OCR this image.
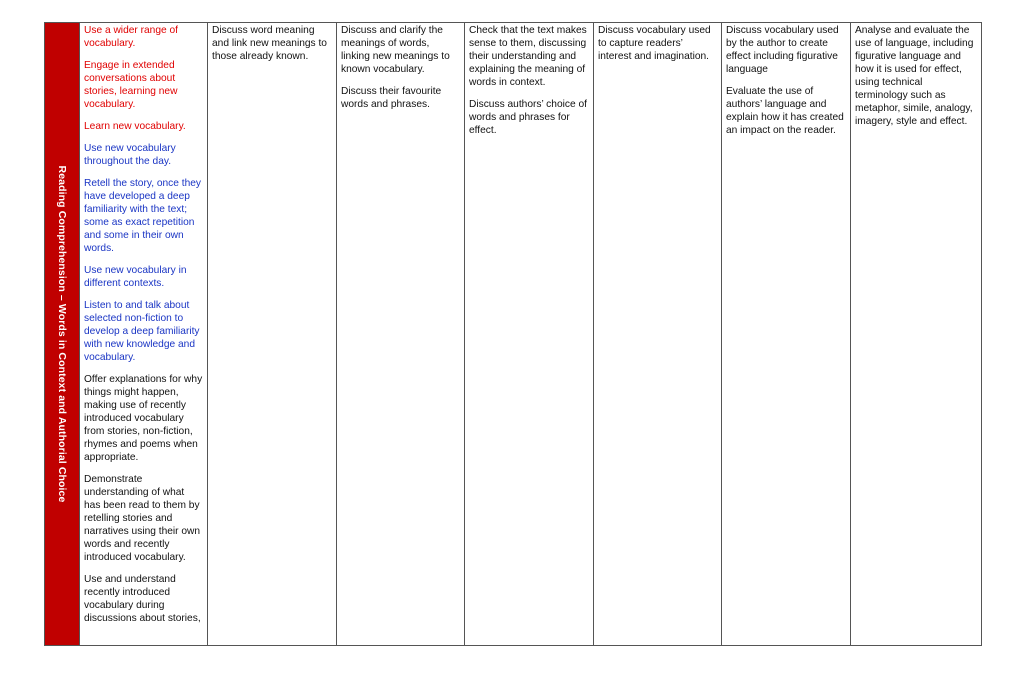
Reading Comprehension – Words in Context and Authorial Choice

Use a wider range of vocabulary.

Engage in extended conversations about stories, learning new vocabulary.

Learn new vocabulary.

Use new vocabulary throughout the day.

Retell the story, once they have developed a deep familiarity with the text; some as exact repetition and some in their own words.

Use new vocabulary in different contexts.

Listen to and talk about selected non-fiction to develop a deep familiarity with new knowledge and vocabulary.

Offer explanations for why things might happen, making use of recently introduced vocabulary from stories, non-fiction, rhymes and poems when appropriate.

Demonstrate understanding of what has been read to them by retelling stories and narratives using their own words and recently introduced vocabulary.

Use and understand recently introduced vocabulary during discussions about stories,

Discuss word meaning and link new meanings to those already known.

Discuss and clarify the meanings of words, linking new meanings to known vocabulary.

Discuss their favourite words and phrases.

Check that the text makes sense to them, discussing their understanding and explaining the meaning of words in context.

Discuss authors’ choice of words and phrases for effect.

Discuss vocabulary used to capture readers’ interest and imagination.

Discuss vocabulary used by the author to create effect including figurative language

Evaluate the use of authors’ language and explain how it has created an impact on the reader.

Analyse and evaluate the use of language, including figurative language and how it is used for effect, using technical terminology such as metaphor, simile, analogy, imagery, style and effect.
